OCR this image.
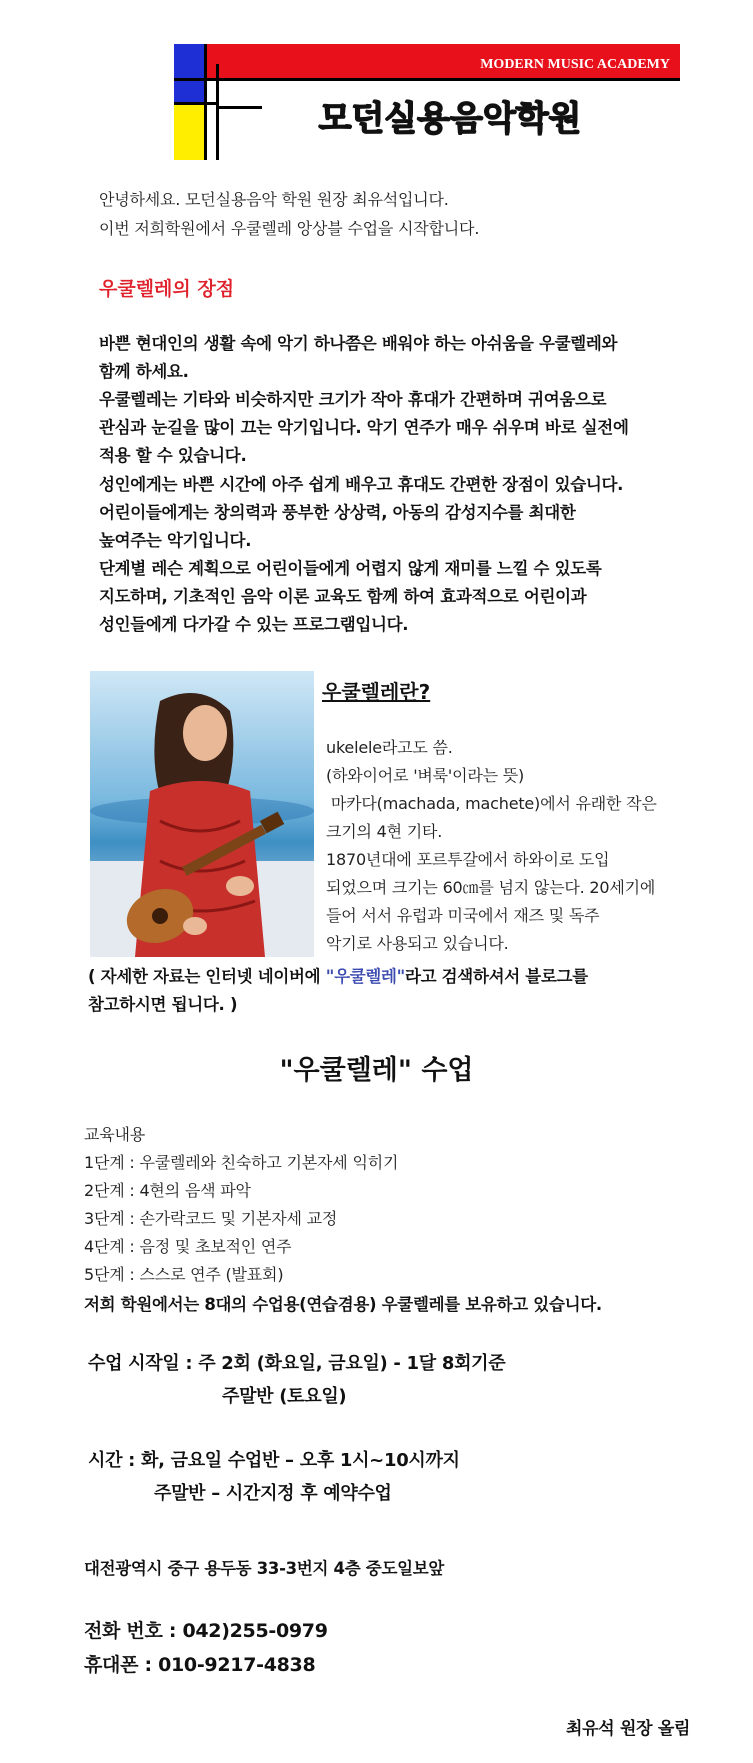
MODERN MUSIC ACADEMY
모던실용음악학원
안녕하세요. 모던실용음악 학원 원장 최유석입니다.
이번 저희학원에서 우쿨렐레 앙상블 수업을 시작합니다.
우쿨렐레의 장점
바쁜 현대인의 생활 속에 악기 하나쯤은 배워야 하는 아쉬움을 우쿨렐레와
함께 하세요.
우쿨렐레는 기타와 비슷하지만 크기가 작아 휴대가 간편하며 귀여움으로
관심과 눈길을 많이 끄는 악기입니다. 악기 연주가 매우 쉬우며 바로 실전에
적용 할 수 있습니다.
성인에게는 바쁜 시간에 아주 쉽게 배우고 휴대도 간편한 장점이 있습니다.
어린이들에게는 창의력과 풍부한 상상력, 아동의 감성지수를 최대한
높여주는 악기입니다.
단계별 레슨 계획으로 어린이들에게 어렵지 않게 재미를 느낄 수 있도록
지도하며, 기초적인 음악 이론 교육도 함께 하여 효과적으로 어린이과
성인들에게 다가갈 수 있는 프로그램입니다.
우쿨렐레란?
ukelele라고도 씀.
(하와이어로 '벼룩'이라는 뜻)
마카다(machada, machete)에서 유래한 작은
크기의 4현 기타.
1870년대에 포르투갈에서 하와이로 도입
되었으며 크기는 60㎝를 넘지 않는다. 20세기에
들어 서서 유럽과 미국에서 재즈 및 독주
악기로 사용되고 있습니다.
( 자세한 자료는 인터넷 네이버에 "우쿨렐레"라고 검색하셔서 블로그를
참고하시면 됩니다. )
"우쿨렐레" 수업
교육내용
1단계 : 우쿨렐레와 친숙하고 기본자세 익히기
2단계 : 4현의 음색 파악
3단계 : 손가락코드 및 기본자세 교정
4단계 : 음정 및 초보적인 연주
5단계 : 스스로 연주 (발표회)
저희 학원에서는 8대의 수업용(연습겸용) 우쿨렐레를 보유하고 있습니다.
수업 시작일 : 주 2회 (화요일, 금요일) - 1달 8회기준
주말반 (토요일)
시간 : 화, 금요일 수업반 – 오후 1시~10시까지
주말반 – 시간지정 후 예약수업
대전광역시 중구 용두동 33-3번지 4층 중도일보앞
전화 번호 : 042)255-0979
휴대폰 : 010-9217-4838
최유석 원장 올림
